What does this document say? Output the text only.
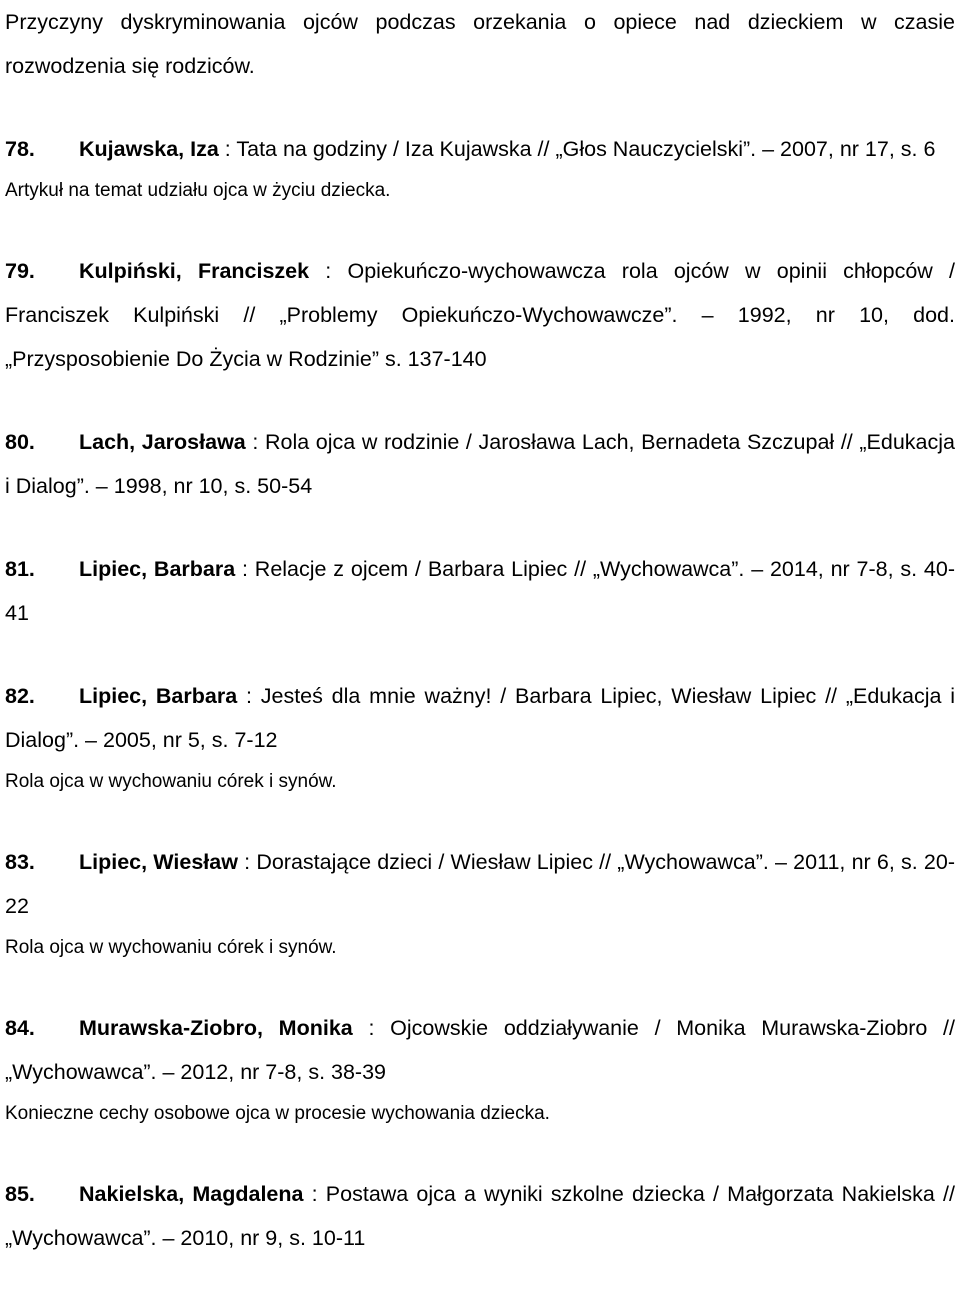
Przyczyny dyskryminowania ojców podczas orzekania o opiece nad dzieckiem w czasie rozwodzenia się rodziców.

78. Kujawska, Iza : Tata na godziny / Iza Kujawska // „Głos Nauczycielski”. – 2007, nr 17, s. 6

Artykuł na temat udziału ojca w życiu dziecka.

79. Kulpiński, Franciszek : Opiekuńczo-wychowawcza rola ojców w opinii chłopców / Franciszek Kulpiński // „Problemy Opiekuńczo-Wychowawcze”. – 1992, nr 10, dod. „Przysposobienie Do Życia w Rodzinie” s. 137-140

80. Lach, Jarosława : Rola ojca w rodzinie / Jarosława Lach, Bernadeta Szczupał // „Edukacja i Dialog”. – 1998, nr 10, s. 50-54

81. Lipiec, Barbara : Relacje z ojcem / Barbara Lipiec // „Wychowawca”. – 2014, nr 7-8, s. 40-41

82. Lipiec, Barbara : Jesteś dla mnie ważny! / Barbara Lipiec, Wiesław Lipiec // „Edukacja i Dialog”. – 2005, nr 5, s. 7-12

Rola ojca w wychowaniu córek i synów.

83. Lipiec, Wiesław : Dorastające dzieci / Wiesław Lipiec // „Wychowawca”. – 2011, nr 6, s. 20-22

Rola ojca w wychowaniu córek i synów.

84. Murawska-Ziobro, Monika : Ojcowskie oddziaływanie / Monika Murawska-Ziobro // „Wychowawca”. – 2012, nr 7-8, s. 38-39

Konieczne cechy osobowe ojca w procesie wychowania dziecka.

85. Nakielska, Magdalena : Postawa ojca a wyniki szkolne dziecka / Małgorzata Nakielska // „Wychowawca”. – 2010, nr 9, s. 10-11
